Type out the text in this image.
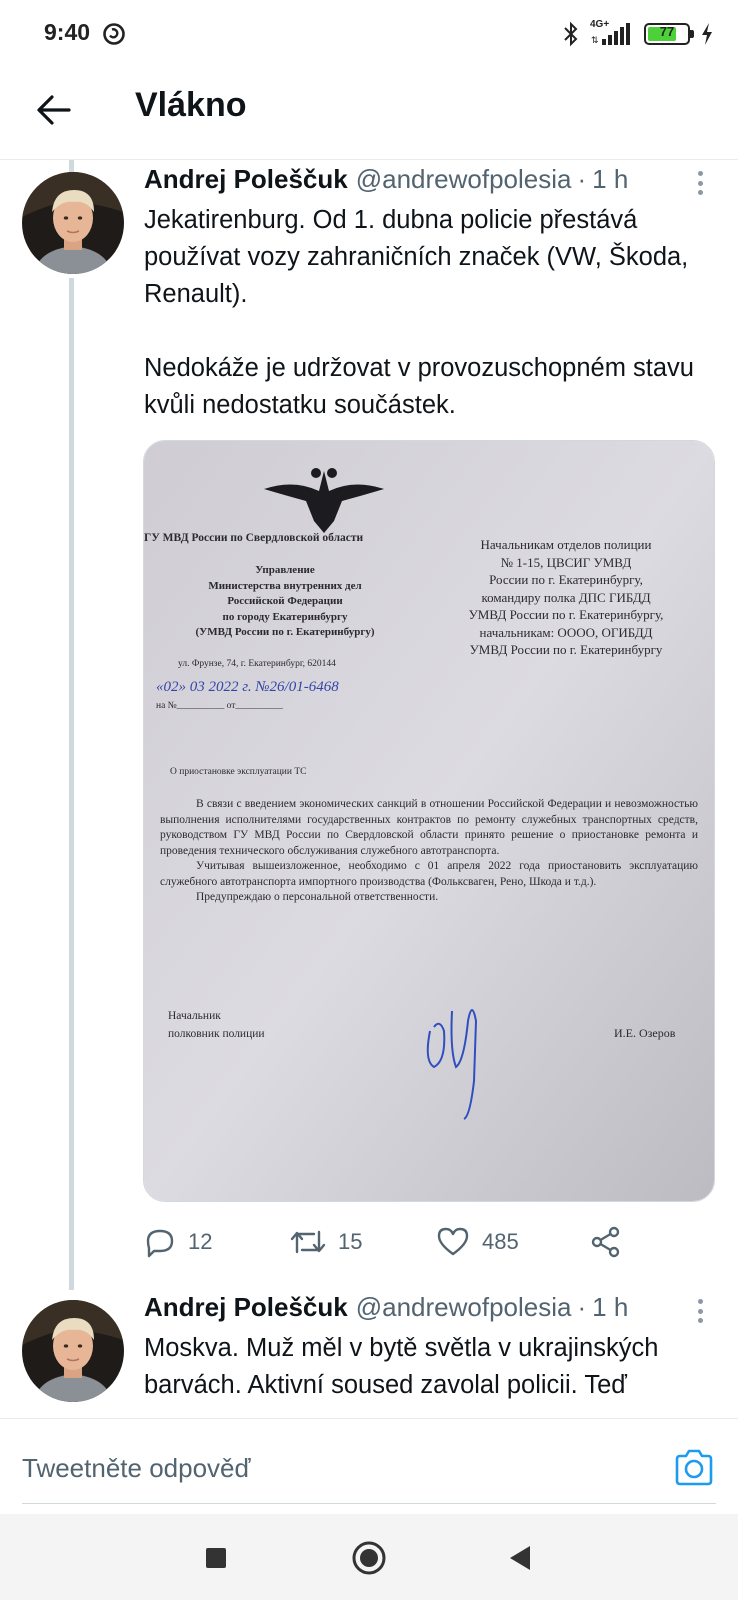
9:40	4G+
⇅
77
Vlákno
Andrej Poleščuk @andrewofpolesia · 1 h

Jekatirenburg. Od 1. dubna policie přestává používat vozy zahraničních značek (VW, Škoda, Renault).

Nedokáže je udržovat v provozuschopném stavu kvůli nedostatku součástek.

ГУ МВД России по Свердловской области
Управление
Министерства внутренних дел
Российской Федерации
по городу Екатеринбургу
(УМВД России по г. Екатеринбургу)
ул. Фрунзе, 74, г. Екатеринбург, 620144
«02» 03 2022 г. №26/01-6468
на №__________ от__________
Начальникам отделов полиции
№ 1-15, ЦВСИГ УМВД
России по г. Екатеринбургу,
командиру полка ДПС ГИБДД
УМВД России по г. Екатеринбургу,
начальникам: ОООО, ОГИБДД
УМВД России по г. Екатеринбургу
О приостановке эксплуатации ТС

В связи с введением экономических санкций в отношении Российской Федерации и невозможностью выполнения исполнителями государственных контрактов по ремонту служебных транспортных средств, руководством ГУ МВД России по Свердловской области принято решение о приостановке ремонта и проведения технического обслуживания служебного автотранспорта.

Учитывая вышеизложенное, необходимо с 01 апреля 2022 года приостановить эксплуатацию служебного автотранспорта импортного производства (Фольксваген, Рено, Шкода и т.д.).

Предупреждаю о персональной ответственности.

Начальник
полковник полиции	И.Е. Озеров
12	15	485
Andrej Poleščuk @andrewofpolesia · 1 h

Moskva. Muž měl v bytě světla v ukrajinských barvách. Aktivní soused zavolal policii. Teď

Tweetněte odpověď
